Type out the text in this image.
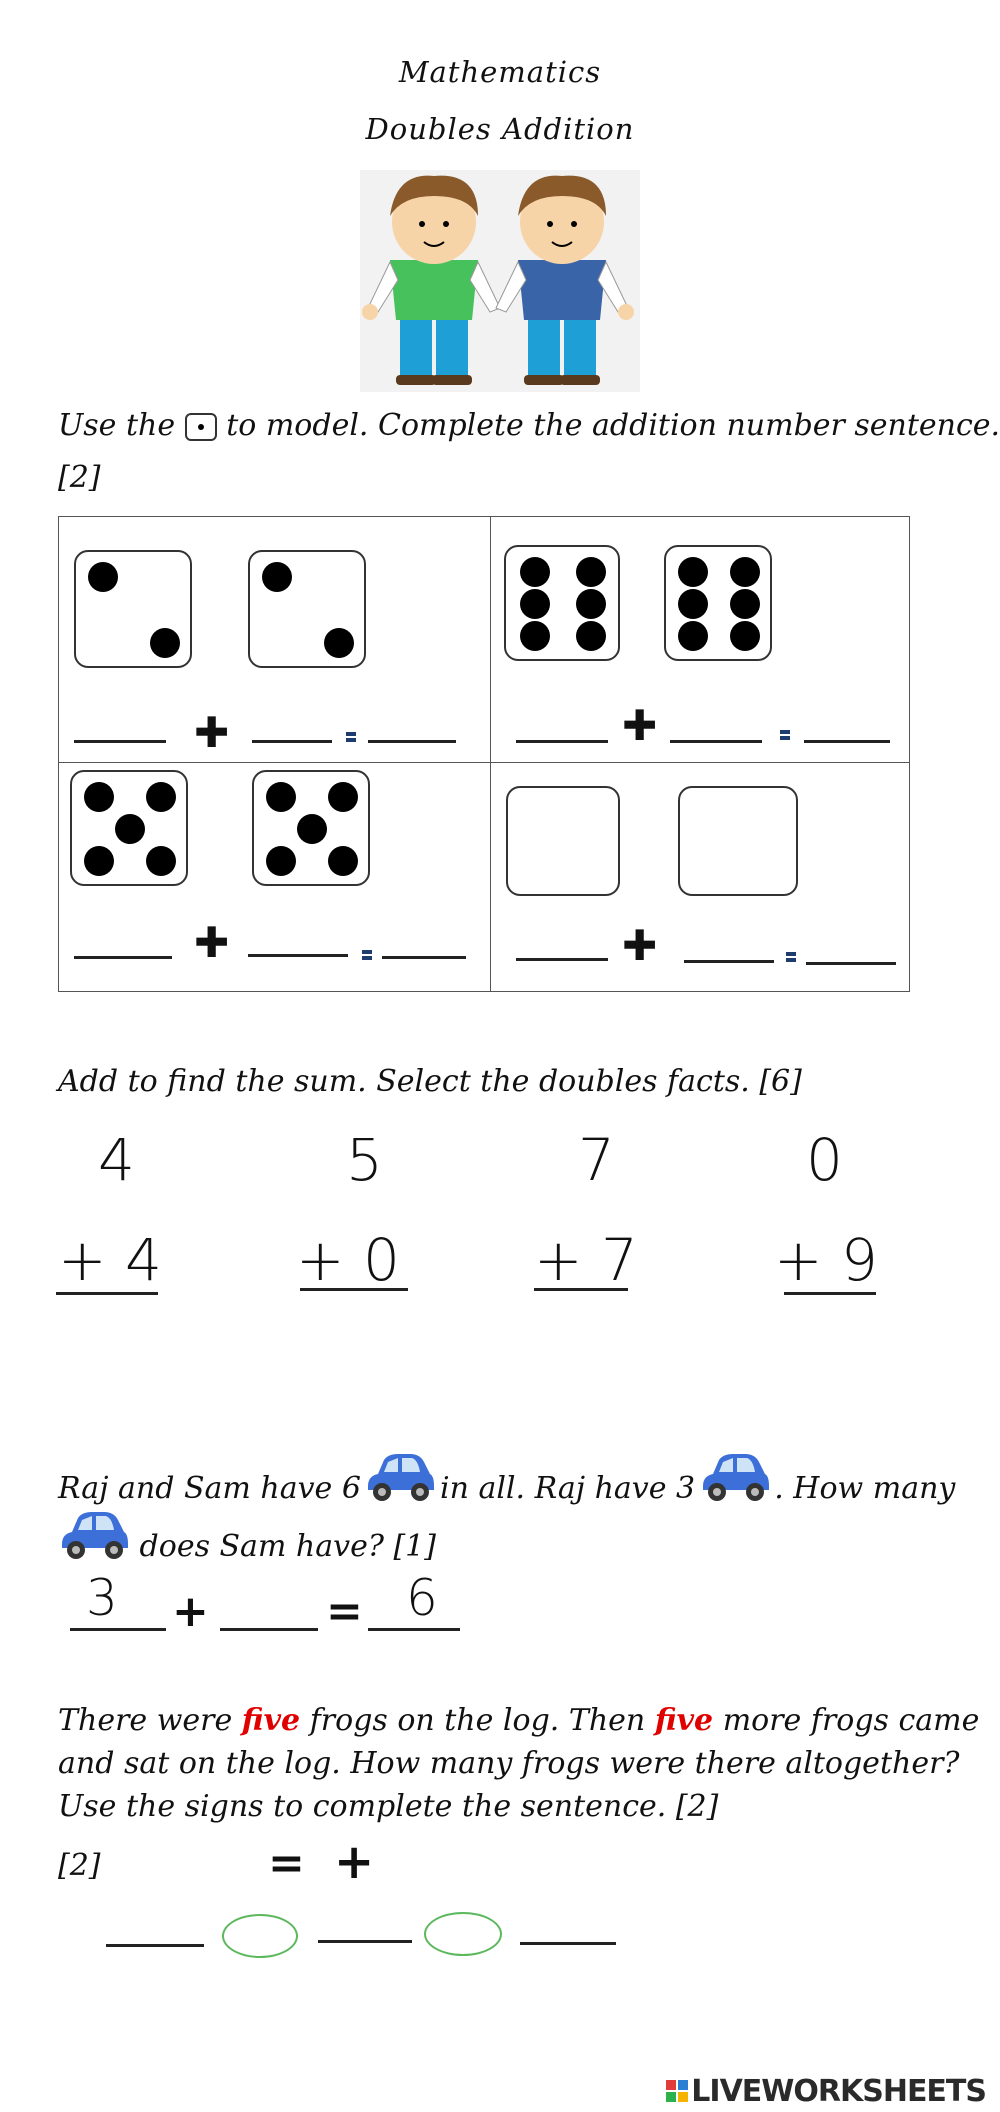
Mathematics
Doubles Addition
Use the to model. Complete the addition number sentence.
[2]
✚	✚
✚	✚
Add to find the sum. Select the doubles facts. [6]
4
+ 4
5
+ 0
7
+ 7
0
+ 9
Raj and Sam have 6	in all. Raj have 3	. How many
does Sam have? [1]
3 +	= 6
There were five frogs on the log. Then five more frogs came
and sat on the log. How many frogs were there altogether?
Use the signs to complete the sentence. [2]
[2]	= +
LIVEWORKSHEETS
